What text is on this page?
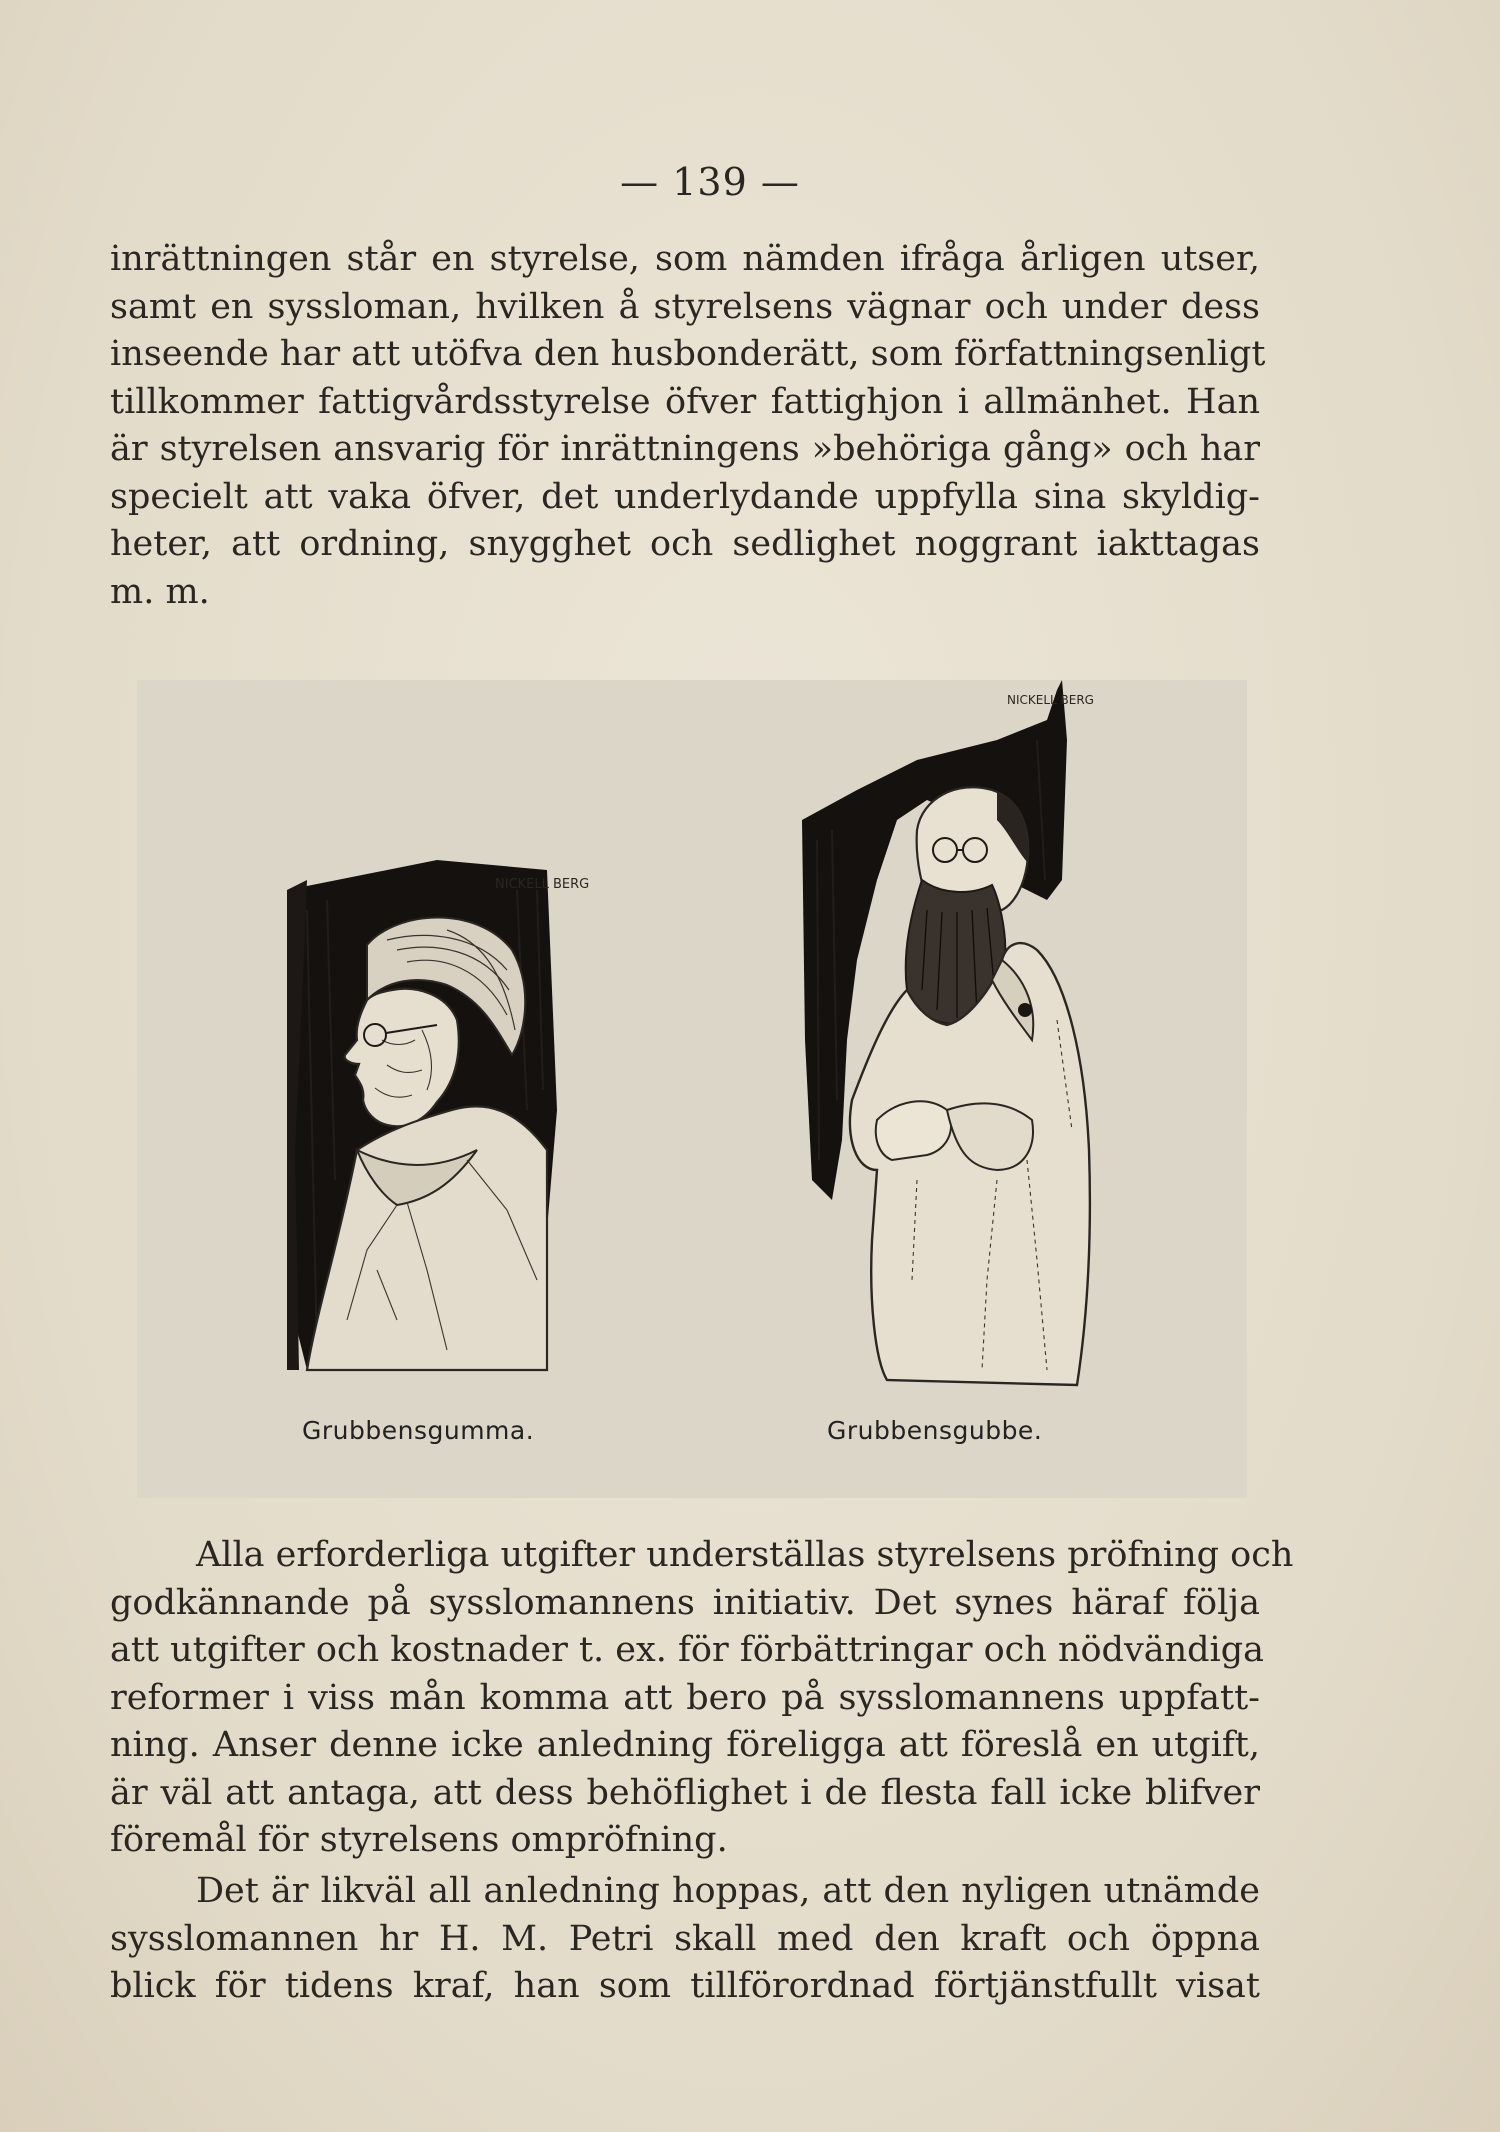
— 139 —

inrättningen står en styrelse, som nämden ifråga årligen utser,
samt en syssloman, hvilken å styrelsens vägnar och under dess
inseende har att utöfva den husbonderätt, som författningsenligt
tillkommer fattigvårdsstyrelse öfver fattighjon i allmänhet. Han
är styrelsen ansvarig för inrättningens »behöriga gång» och har
specielt att vaka öfver, det underlydande uppfylla sina skyldig-
heter, att ordning, snygghet och sedlighet noggrant iakttagas
m. m.

NICKELL BERG
NICKELL BERG
Grubbensgumma.	Grubbensgubbe.

Alla erforderliga utgifter underställas styrelsens pröfning och
godkännande på sysslomannens initiativ. Det synes häraf följa
att utgifter och kostnader t. ex. för förbättringar och nödvändiga
reformer i viss mån komma att bero på sysslomannens uppfatt-
ning. Anser denne icke anledning föreligga att föreslå en utgift,
är väl att antaga, att dess behöflighet i de flesta fall icke blifver
föremål för styrelsens ompröfning.

Det är likväl all anledning hoppas, att den nyligen utnämde
sysslomannen hr H. M. Petri skall med den kraft och öppna
blick för tidens kraf, han som tillförordnad förtjänstfullt visat
